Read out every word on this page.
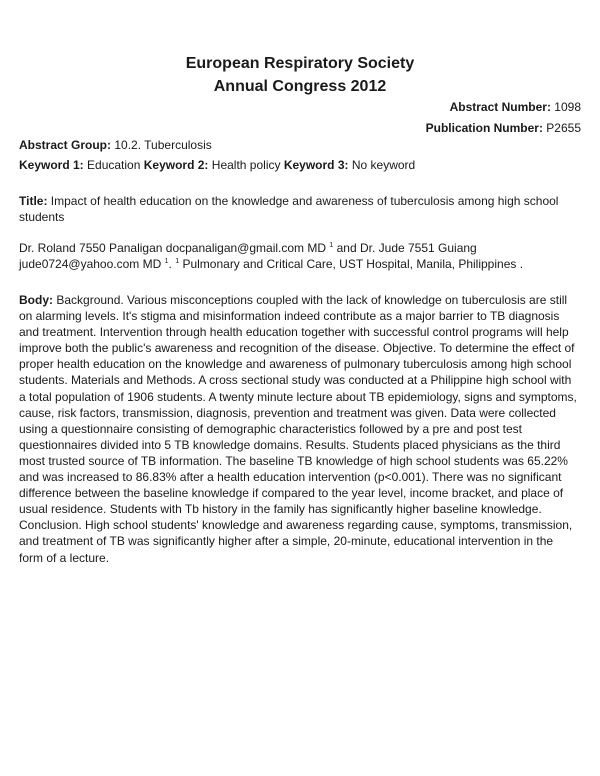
European Respiratory Society
Annual Congress 2012
Abstract Number: 1098
Publication Number: P2655
Abstract Group: 10.2. Tuberculosis
Keyword 1: Education Keyword 2: Health policy Keyword 3: No keyword
Title: Impact of health education on the knowledge and awareness of tuberculosis among high school students
Dr. Roland 7550 Panaligan docpanaligan@gmail.com MD $^1$ and Dr. Jude 7551 Guiang jude0724@yahoo.com MD $^1$. $^1$ Pulmonary and Critical Care, UST Hospital, Manila, Philippines .
Body: Background. Various misconceptions coupled with the lack of knowledge on tuberculosis are still on alarming levels. It's stigma and misinformation indeed contribute as a major barrier to TB diagnosis and treatment. Intervention through health education together with successful control programs will help improve both the public's awareness and recognition of the disease. Objective. To determine the effect of proper health education on the knowledge and awareness of pulmonary tuberculosis among high school students. Materials and Methods. A cross sectional study was conducted at a Philippine high school with a total population of 1906 students. A twenty minute lecture about TB epidemiology, signs and symptoms, cause, risk factors, transmission, diagnosis, prevention and treatment was given. Data were collected using a questionnaire consisting of demographic characteristics followed by a pre and post test questionnaires divided into 5 TB knowledge domains. Results. Students placed physicians as the third most trusted source of TB information. The baseline TB knowledge of high school students was 65.22% and was increased to 86.83% after a health education intervention (p<0.001). There was no significant difference between the baseline knowledge if compared to the year level, income bracket, and place of usual residence. Students with Tb history in the family has significantly higher baseline knowledge. Conclusion. High school students' knowledge and awareness regarding cause, symptoms, transmission, and treatment of TB was significantly higher after a simple, 20-minute, educational intervention in the form of a lecture.
